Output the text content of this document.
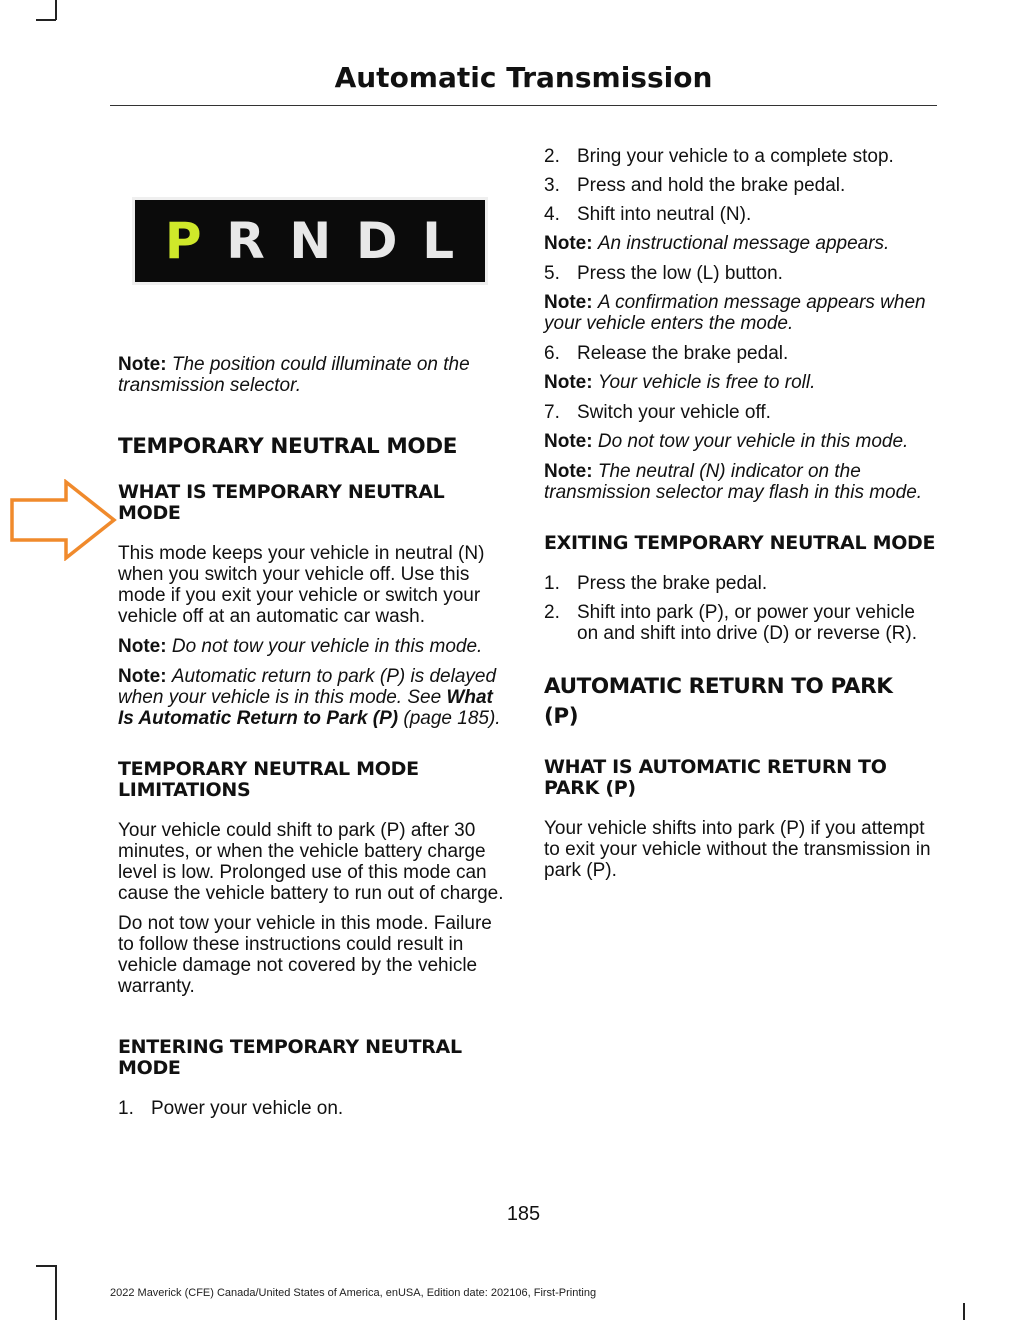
Automatic Transmission
P R N D L

Note: The position could illuminate on the transmission selector.

TEMPORARY NEUTRAL MODE
WHAT IS TEMPORARY NEUTRAL MODE

This mode keeps your vehicle in neutral (N) when you switch your vehicle off. Use this mode if you exit your vehicle or switch your vehicle off at an automatic car wash.

Note: Do not tow your vehicle in this mode.

Note: Automatic return to park (P) is delayed when your vehicle is in this mode. See What Is Automatic Return to Park (P) (page 185).

TEMPORARY NEUTRAL MODE LIMITATIONS

Your vehicle could shift to park (P) after 30 minutes, or when the vehicle battery charge level is low. Prolonged use of this mode can cause the vehicle battery to run out of charge.

Do not tow your vehicle in this mode. Failure to follow these instructions could result in vehicle damage not covered by the vehicle warranty.

ENTERING TEMPORARY NEUTRAL MODE
1. Power your vehicle on.
2. Bring your vehicle to a complete stop.
3. Press and hold the brake pedal.
4. Shift into neutral (N).

Note: An instructional message appears.

5. Press the low (L) button.

Note: A confirmation message appears when your vehicle enters the mode.

6. Release the brake pedal.

Note: Your vehicle is free to roll.

7. Switch your vehicle off.

Note: Do not tow your vehicle in this mode.

Note: The neutral (N) indicator on the transmission selector may flash in this mode.

EXITING TEMPORARY NEUTRAL MODE
1. Press the brake pedal.
2. Shift into park (P), or power your vehicle on and shift into drive (D) or reverse (R).
AUTOMATIC RETURN TO PARK (P)
WHAT IS AUTOMATIC RETURN TO PARK (P)

Your vehicle shifts into park (P) if you attempt to exit your vehicle without the transmission in park (P).

185
2022 Maverick (CFE) Canada/United States of America, enUSA, Edition date: 202106, First-Printing
